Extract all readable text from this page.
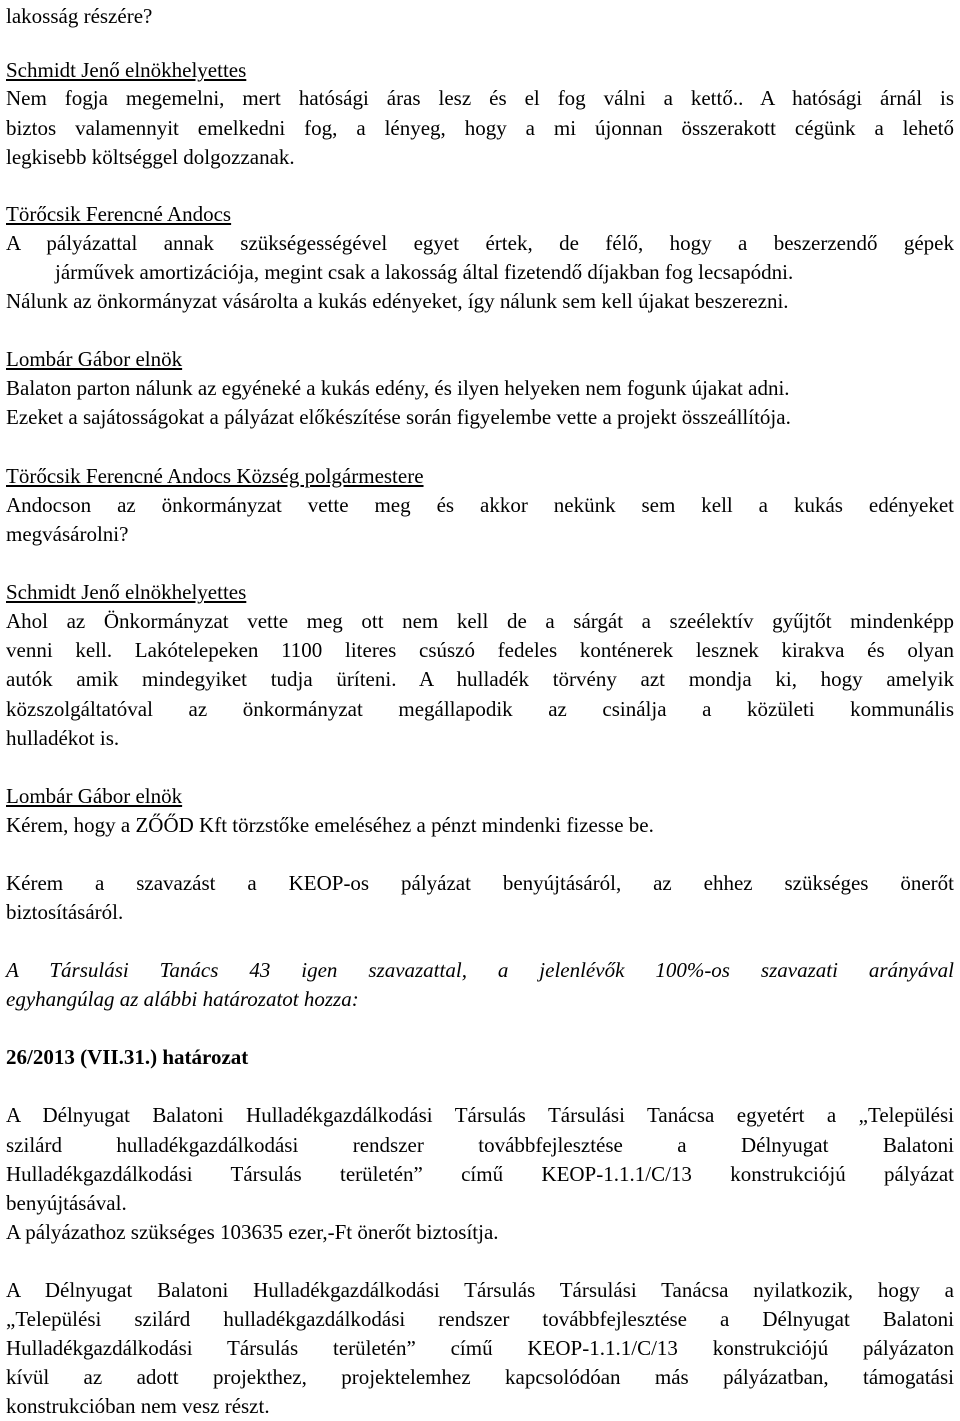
lakosság részére?
Schmidt Jenő elnökhelyettes
Nem fogja megemelni, mert hatósági áras lesz és el fog válni a kettő.. A hatósági árnál is
biztos valamennyit emelkedni fog, a lényeg, hogy a mi újonnan összerakott cégünk a lehető
legkisebb költséggel dolgozzanak.
Törőcsik Ferencné Andocs
A pályázattal annak szükségességével egyet értek, de félő, hogy a beszerzendő gépek
járművek amortizációja, megint csak a lakosság által fizetendő díjakban fog lecsapódni.
Nálunk az önkormányzat vásárolta a kukás edényeket, így nálunk sem kell újakat beszerezni.
Lombár Gábor elnök
Balaton parton nálunk az egyéneké a kukás edény, és ilyen helyeken nem fogunk újakat adni.
Ezeket a sajátosságokat a pályázat előkészítése során figyelembe vette a projekt összeállítója.
Törőcsik Ferencné Andocs Község polgármestere
Andocson az önkormányzat vette meg és akkor nekünk sem kell a kukás edényeket
megvásárolni?
Schmidt Jenő elnökhelyettes
Ahol az Önkormányzat vette meg ott nem kell de a sárgát a szeélektív gyűjtőt mindenképp
venni kell. Lakótelepeken 1100 literes csúszó fedeles konténerek lesznek kirakva és olyan
autók amik mindegyiket tudja üríteni. A hulladék törvény azt mondja ki, hogy amelyik
közszolgáltatóval az önkormányzat megállapodik az csinálja a közületi kommunális
hulladékot is.
Lombár Gábor elnök
Kérem, hogy a ZŐŐD Kft törzstőke emeléséhez a pénzt mindenki fizesse be.
Kérem a szavazást a KEOP-os pályázat benyújtásáról, az ehhez szükséges önerőt
biztosításáról.
A Társulási Tanács 43 igen szavazattal, a jelenlévők 100%-os szavazati arányával
egyhangúlag az alábbi határozatot hozza:
26/2013 (VII.31.) határozat
A Délnyugat Balatoni Hulladékgazdálkodási Társulás Társulási Tanácsa egyetért a „Települési
szilárd hulladékgazdálkodási rendszer továbbfejlesztése a Délnyugat Balatoni
Hulladékgazdálkodási Társulás területén” című KEOP-1.1.1/C/13 konstrukciójú pályázat
benyújtásával.
A pályázathoz szükséges 103635 ezer,-Ft önerőt biztosítja.
A Délnyugat Balatoni Hulladékgazdálkodási Társulás Társulási Tanácsa nyilatkozik, hogy a
„Települési szilárd hulladékgazdálkodási rendszer továbbfejlesztése a Délnyugat Balatoni
Hulladékgazdálkodási Társulás területén” című KEOP-1.1.1/C/13 konstrukciójú pályázaton
kívül az adott projekthez, projektelemhez kapcsolódóan más pályázatban, támogatási
konstrukcióban nem vesz részt.
